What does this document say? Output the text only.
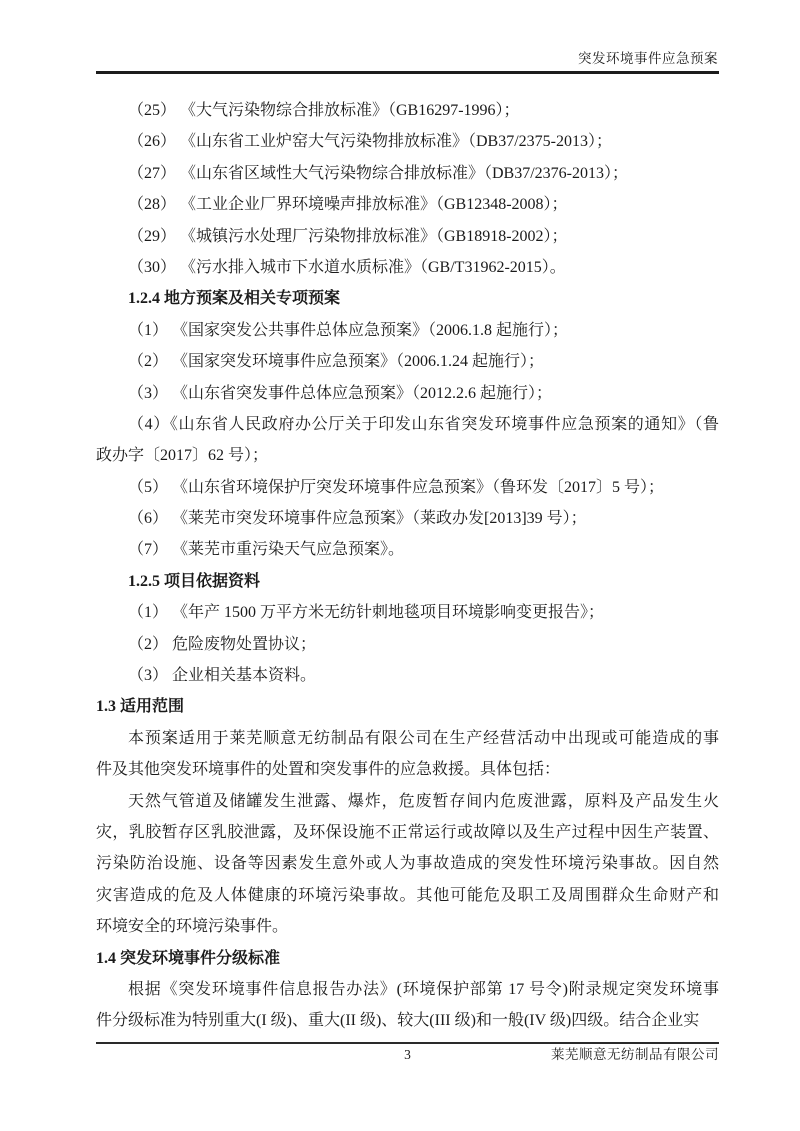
突发环境事件应急预案
（25） 《大气污染物综合排放标准》（GB16297-1996）；
（26） 《山东省工业炉窑大气污染物排放标准》（DB37/2375-2013）；
（27） 《山东省区域性大气污染物综合排放标准》（DB37/2376-2013）；
（28） 《工业企业厂界环境噪声排放标准》（GB12348-2008）；
（29） 《城镇污水处理厂污染物排放标准》（GB18918-2002）；
（30） 《污水排入城市下水道水质标准》（GB/T31962-2015）。
1.2.4 地方预案及相关专项预案
（1） 《国家突发公共事件总体应急预案》（2006.1.8 起施行）；
（2） 《国家突发环境事件应急预案》（2006.1.24 起施行）；
（3） 《山东省突发事件总体应急预案》（2012.2.6 起施行）；
（4）《山东省人民政府办公厅关于印发山东省突发环境事件应急预案的通知》（鲁
政办字〔2017〕62 号）；
（5） 《山东省环境保护厅突发环境事件应急预案》（鲁环发〔2017〕5 号）；
（6） 《莱芜市突发环境事件应急预案》（莱政办发[2013]39 号）；
（7） 《莱芜市重污染天气应急预案》。
1.2.5 项目依据资料
（1） 《年产 1500 万平方米无纺针刺地毯项目环境影响变更报告》；
（2） 危险废物处置协议；
（3） 企业相关基本资料。
1.3 适用范围
本预案适用于莱芜顺意无纺制品有限公司在生产经营活动中出现或可能造成的事
件及其他突发环境事件的处置和突发事件的应急救援。具体包括：
天然气管道及储罐发生泄露、爆炸，危废暂存间内危废泄露，原料及产品发生火
灾，乳胶暂存区乳胶泄露，及环保设施不正常运行或故障以及生产过程中因生产装置、
污染防治设施、设备等因素发生意外或人为事故造成的突发性环境污染事故。因自然
灾害造成的危及人体健康的环境污染事故。其他可能危及职工及周围群众生命财产和
环境安全的环境污染事件。
1.4 突发环境事件分级标准
根据《突发环境事件信息报告办法》(环境保护部第 17 号令)附录规定突发环境事
件分级标准为特别重大(I 级)、重大(II 级)、较大(III 级)和一般(IV 级)四级。结合企业实
3	莱芜顺意无纺制品有限公司
